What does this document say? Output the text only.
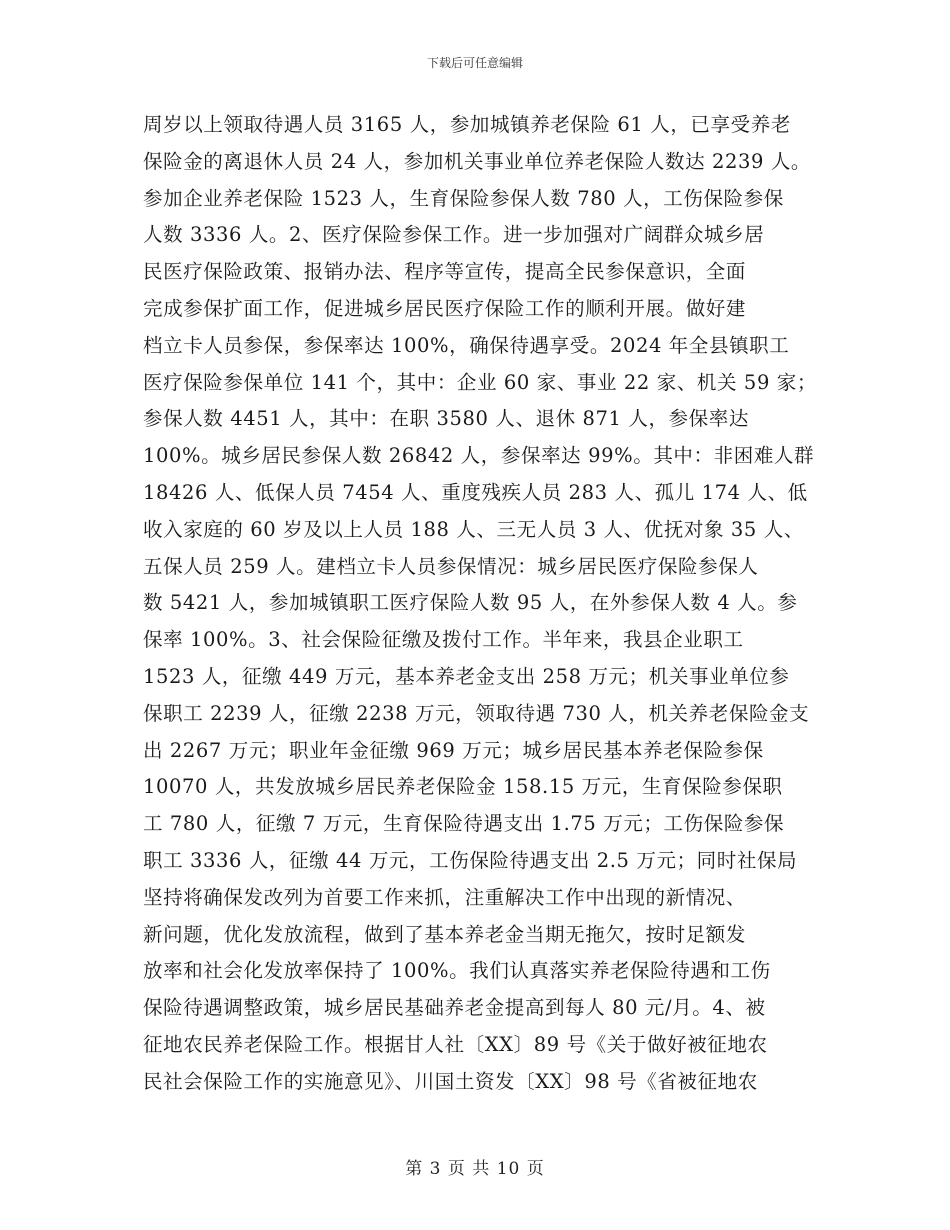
下载后可任意编辑
周岁以上领取待遇人员 3165 人，参加城镇养老保险 61 人，已享受养老
保险金的离退休人员 24 人，参加机关事业单位养老保险人数达 2239 人。
参加企业养老保险 1523 人，生育保险参保人数 780 人，工伤保险参保
人数 3336 人。2、医疗保险参保工作。进一步加强对广阔群众城乡居
民医疗保险政策、报销办法、程序等宣传，提高全民参保意识，全面
完成参保扩面工作，促进城乡居民医疗保险工作的顺利开展。做好建
档立卡人员参保，参保率达 100%，确保待遇享受。2024 年全县镇职工
医疗保险参保单位 141 个，其中：企业 60 家、事业 22 家、机关 59 家；
参保人数 4451 人，其中：在职 3580 人、退休 871 人，参保率达
100%。城乡居民参保人数 26842 人，参保率达 99%。其中：非困难人群
18426 人、低保人员 7454 人、重度残疾人员 283 人、孤儿 174 人、低
收入家庭的 60 岁及以上人员 188 人、三无人员 3 人、优抚对象 35 人、
五保人员 259 人。建档立卡人员参保情况：城乡居民医疗保险参保人
数 5421 人，参加城镇职工医疗保险人数 95 人，在外参保人数 4 人。参
保率 100%。3、社会保险征缴及拨付工作。半年来，我县企业职工
1523 人，征缴 449 万元，基本养老金支出 258 万元；机关事业单位参
保职工 2239 人，征缴 2238 万元，领取待遇 730 人，机关养老保险金支
出 2267 万元；职业年金征缴 969 万元；城乡居民基本养老保险参保
10070 人，共发放城乡居民养老保险金 158.15 万元，生育保险参保职
工 780 人，征缴 7 万元，生育保险待遇支出 1.75 万元；工伤保险参保
职工 3336 人，征缴 44 万元，工伤保险待遇支出 2.5 万元；同时社保局
坚持将确保发改列为首要工作来抓，注重解决工作中出现的新情况、
新问题，优化发放流程，做到了基本养老金当期无拖欠，按时足额发
放率和社会化发放率保持了 100%。我们认真落实养老保险待遇和工伤
保险待遇调整政策，城乡居民基础养老金提高到每人 80 元/月。4、被
征地农民养老保险工作。根据甘人社〔XX〕89 号《关于做好被征地农
民社会保险工作的实施意见》、川国土资发〔XX〕98 号《省被征地农
第 3 页 共 10 页
